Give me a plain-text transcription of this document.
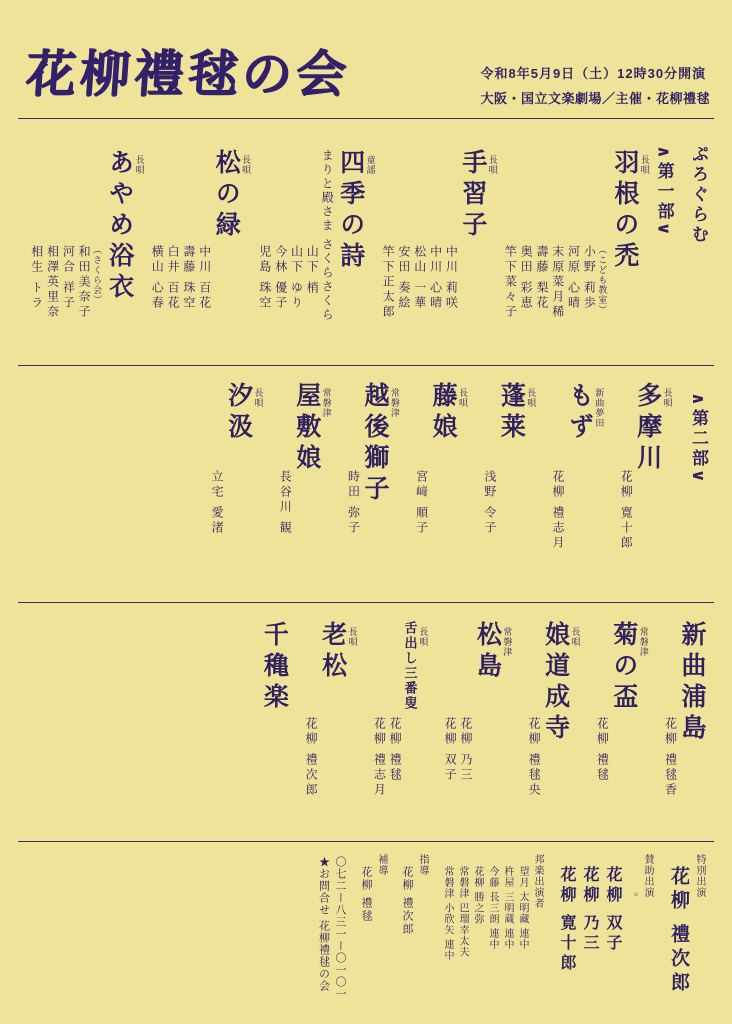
花柳禮毬の会	令和8年5月9日（土）12時30分開演
大阪・国立文楽劇場／主催・花柳禮毬
ぷろぐらむ
∧第一部∨
竿下菜々子 奥田 彩恵 壽藤 梨花 末原菜月稀 河原 心晴 小野 莉歩 （こども教室）
羽根の禿 長唄
竿下正太郎 安田 奏絵 松山 一華 中川 心晴 中川 莉咲
手習子 長唄
児島 珠空 今林 優子 山下 ゆり 山下 梢 まりと殿さま さくらさくら 四季の詩 童謡
横山 心春 白井 百花 壽藤 珠空 中川 百花
松の緑 長唄
相生 トラ 相澤英里奈 河合 祥子 和田美奈子 （さくら会） あやめ浴衣 長唄
∧第二部∨
花柳 寛十郎
多摩川 長唄
花柳 禮志月
もず 新曲夢田
浅野 令子
蓬莱 長唄
宮﨑 順子
藤娘 長唄
時田 弥子 越後獅子 常磐津
長谷川 観
屋敷娘 常磐津
立宅 愛渚
汐汲 長唄
花柳 禮毬香
新曲浦島
花柳 禮毬
菊の盃 常磐津
花柳 禮毬央
娘道成寺 長唄
花柳 双子 花柳 乃三
松島 常磐津
花柳 禮志月 花柳 禮毬
舌出し三番叟 長唄
花柳 禮次郎
老松 長唄
千穐楽
花柳 禮次郎 特別出演
花柳 寛十郎 花柳 乃三 花柳 双子 。 賛助出演
常磐津 小欣矢 連中 常磐津 巴瑠幸太夫 花柳 勝之弥 今藤 長三朗 連中 杵屋 三明蔵 連中 望月 太明藏 連中 邦楽出演者
花柳 禮次郎
指導
花柳 禮毬
補導
★お問合せ 花柳禮毬の会 〇七二ー八三一ー〇一〇一
